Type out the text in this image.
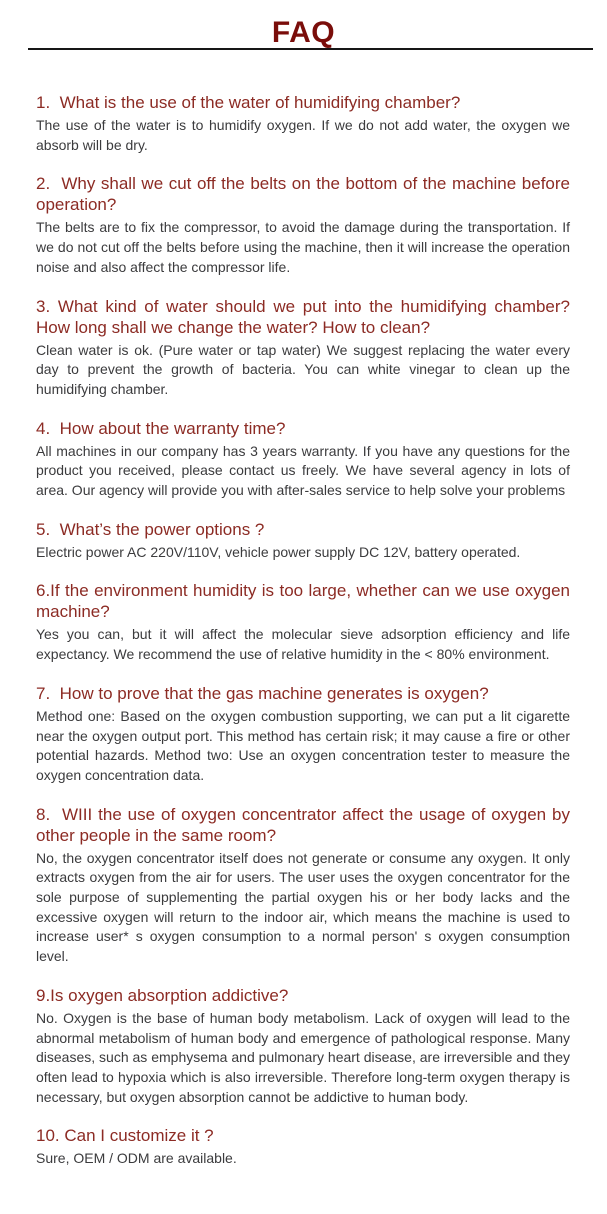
FAQ
1.  What is the use of the water of humidifying chamber?

The use of the water is to humidify oxygen. If we do not add water, the oxygen we absorb will be dry.

2.  Why shall we cut off the belts on the bottom of the machine before operation?

The belts are to fix the compressor, to avoid the damage during the transportation. If we do not cut off the belts before using the machine, then it will increase the operation noise and also affect the compressor life.

3. What kind of water should we put into the humidifying chamber? How long shall we change the water? How to clean?

Clean water is ok. (Pure water or tap water) We suggest replacing the water every day to prevent the growth of bacteria. You can white vinegar to clean up the humidifying chamber.

4.  How about the warranty time?

All machines in our company has 3 years warranty. If you have any questions for the product you received, please contact us freely. We have several agency in lots of area. Our agency will provide you with after-sales service to help solve your problems

5.  What’s the power options ?

Electric power AC 220V/110V, vehicle power supply DC 12V, battery operated.

6.If the environment humidity is too large, whether can we use oxygen machine?

Yes you can, but it will affect the molecular sieve adsorption efficiency and life expectancy. We recommend the use of relative humidity in the < 80% environment.

7.  How to prove that the gas machine generates is oxygen?

Method one: Based on the oxygen combustion supporting, we can put a lit cigarette near the oxygen output port. This method has certain risk; it may cause a fire or other potential hazards. Method two: Use an oxygen concentration tester to measure the oxygen concentration data.

8.  WIII the use of oxygen concentrator affect the usage of oxygen by other people in the same room?

No, the oxygen concentrator itself does not generate or consume any oxygen. It only extracts oxygen from the air for users. The user uses the oxygen concentrator for the sole purpose of supplementing the partial oxygen his or her body lacks and the excessive oxygen will return to the indoor air, which means the machine is used to increase user* s oxygen consumption to a normal person' s oxygen consumption level.

9.Is oxygen absorption addictive?

No. Oxygen is the base of human body metabolism. Lack of oxygen will lead to the abnormal metabolism of human body and emergence of pathological response. Many diseases, such as emphysema and pulmonary heart disease, are irreversible and they often lead to hypoxia which is also irreversible. Therefore long-term oxygen therapy is necessary, but oxygen absorption cannot be addictive to human body.

10. Can I customize it ?

Sure, OEM / ODM are available.
